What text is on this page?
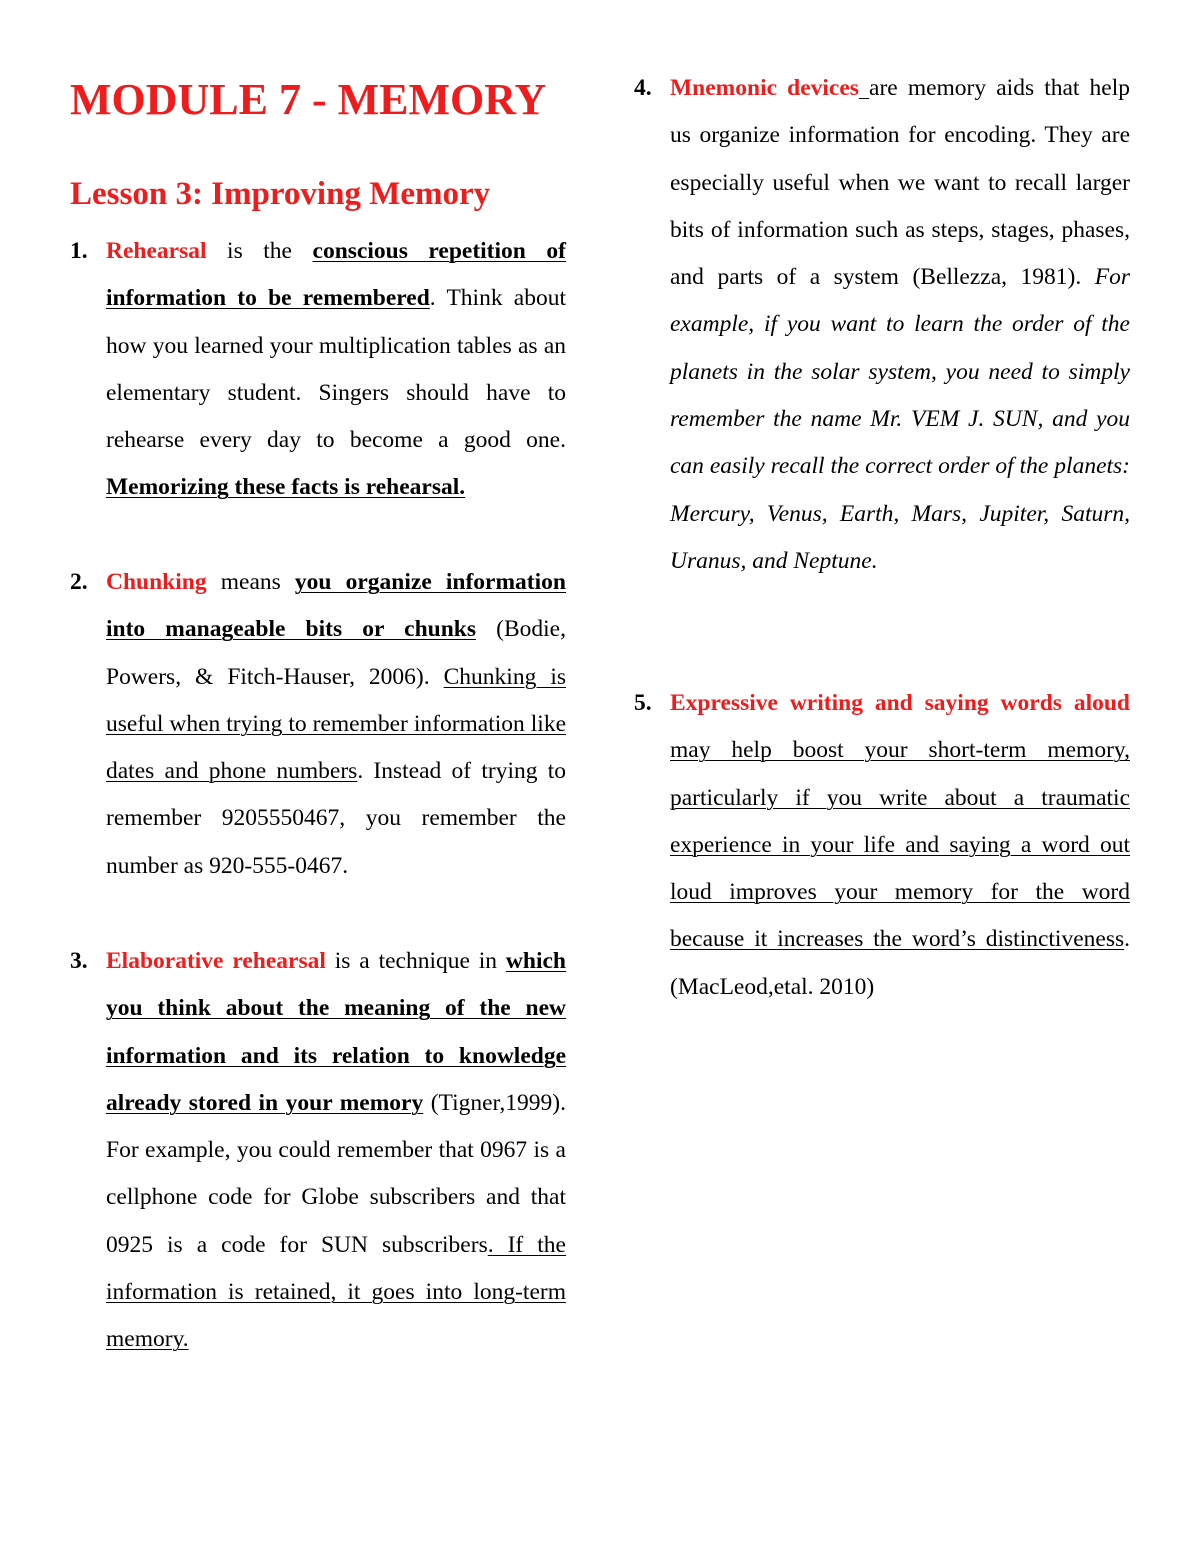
MODULE 7 - MEMORY
Lesson 3: Improving Memory
1. Rehearsal is the conscious repetition of information to be remembered. Think about how you learned your multiplication tables as an elementary student. Singers should have to rehearse every day to become a good one. Memorizing these facts is rehearsal.
2. Chunking means you organize information into manageable bits or chunks (Bodie, Powers, & Fitch-Hauser, 2006). Chunking is useful when trying to remember information like dates and phone numbers. Instead of trying to remember 9205550467, you remember the number as 920-555-0467.
3. Elaborative rehearsal is a technique in which you think about the meaning of the new information and its relation to knowledge already stored in your memory (Tigner,1999). For example, you could remember that 0967 is a cellphone code for Globe subscribers and that 0925 is a code for SUN subscribers. If the information is retained, it goes into long-term memory.
4. Mnemonic devices are memory aids that help us organize information for encoding. They are especially useful when we want to recall larger bits of information such as steps, stages, phases, and parts of a system (Bellezza, 1981). For example, if you want to learn the order of the planets in the solar system, you need to simply remember the name Mr. VEM J. SUN, and you can easily recall the correct order of the planets: Mercury, Venus, Earth, Mars, Jupiter, Saturn, Uranus, and Neptune.
5. Expressive writing and saying words aloud may help boost your short-term memory, particularly if you write about a traumatic experience in your life and saying a word out loud improves your memory for the word because it increases the word’s distinctiveness. (MacLeod,etal. 2010)
